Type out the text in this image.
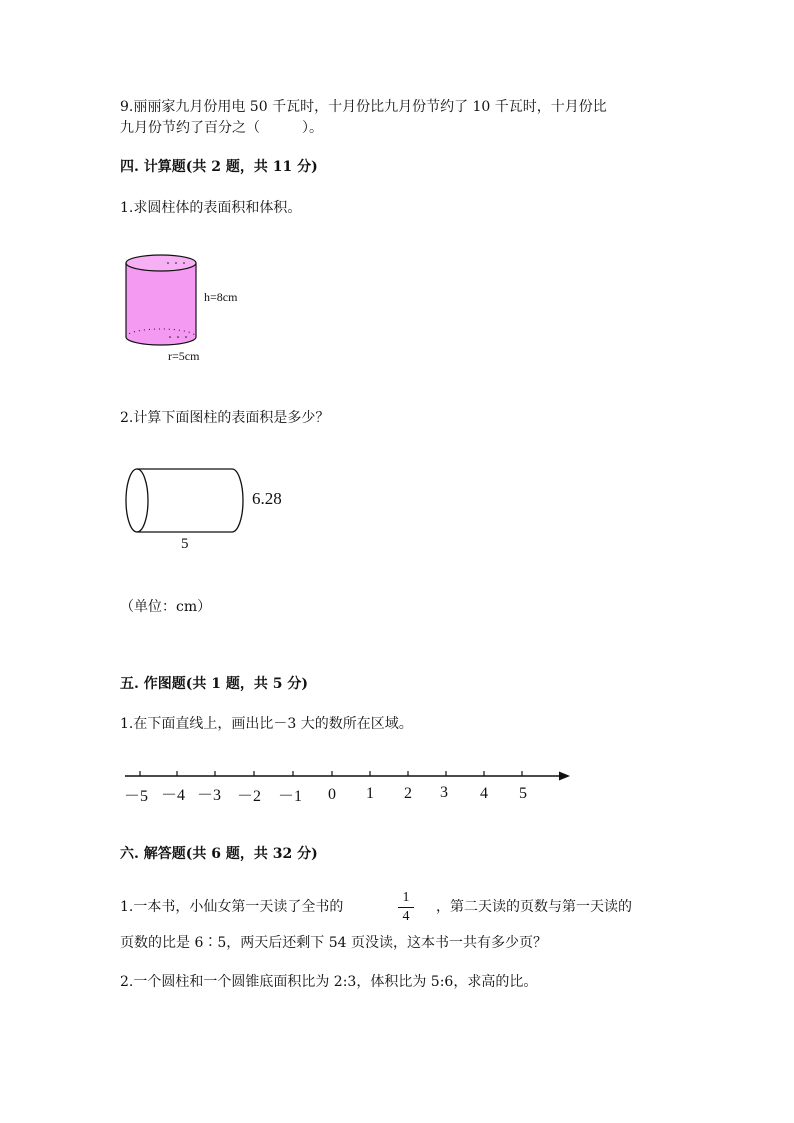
9.丽丽家九月份用电 50 千瓦时，十月份比九月份节约了 10 千瓦时，十月份比
九月份节约了百分之（　　　）。
四. 计算题(共 2 题，共 11 分)
1.求圆柱体的表面积和体积。
－5 －4 －3 －2 －1 0 1 2 3 4 5
h=8cm
r=5cm
2.计算下面图柱的表面积是多少？
6.28
5
（单位：cm）
五. 作图题(共 1 题，共 5 分)
1.在下面直线上，画出比－3 大的数所在区域。
六. 解答题(共 6 题，共 32 分)
1.一本书，小仙女第一天读了全书的
1
4
，第二天读的页数与第一天读的
页数的比是 6∶5，两天后还剩下 54 页没读，这本书一共有多少页？
2.一个圆柱和一个圆锥底面积比为 2:3，体积比为 5:6，求高的比。
